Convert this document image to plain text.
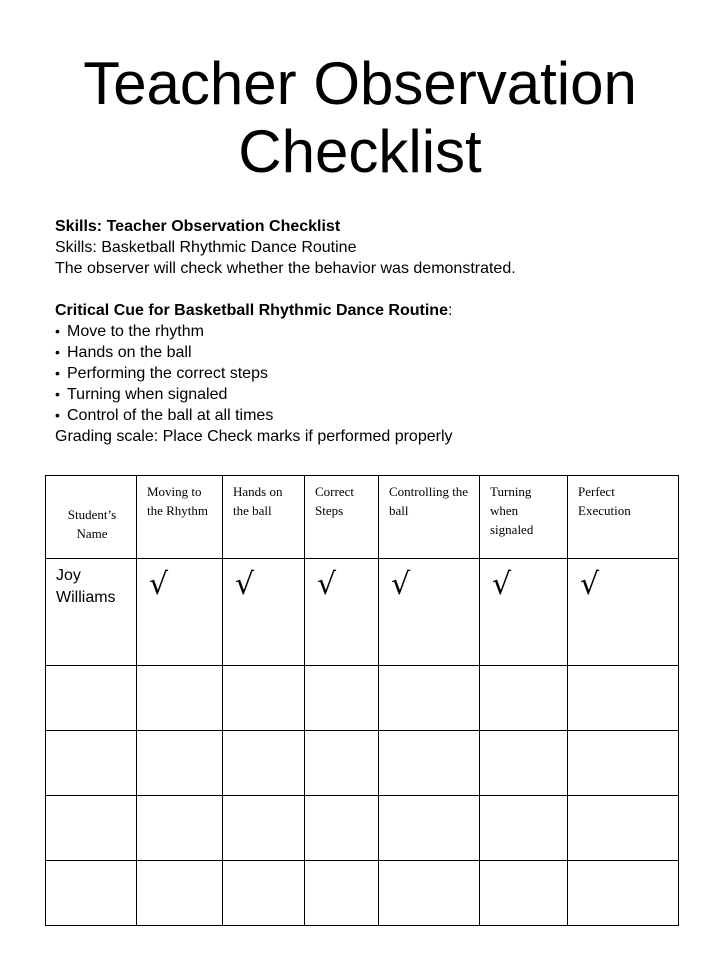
Teacher Observation Checklist
Skills: Teacher Observation Checklist
Skills: Basketball Rhythmic Dance Routine
The observer will check whether the behavior was demonstrated.
Critical Cue for Basketball Rhythmic Dance Routine:
• Move to the rhythm
• Hands on the ball
• Performing the correct steps
• Turning when signaled
• Control of the ball at all times
Grading scale: Place Check marks if performed properly
Student’s Name	Moving to the Rhythm	Hands on the ball	Correct Steps	Controlling the ball	Turning when signaled	Perfect Execution
Joy Williams	√	√	√	√	√	√
